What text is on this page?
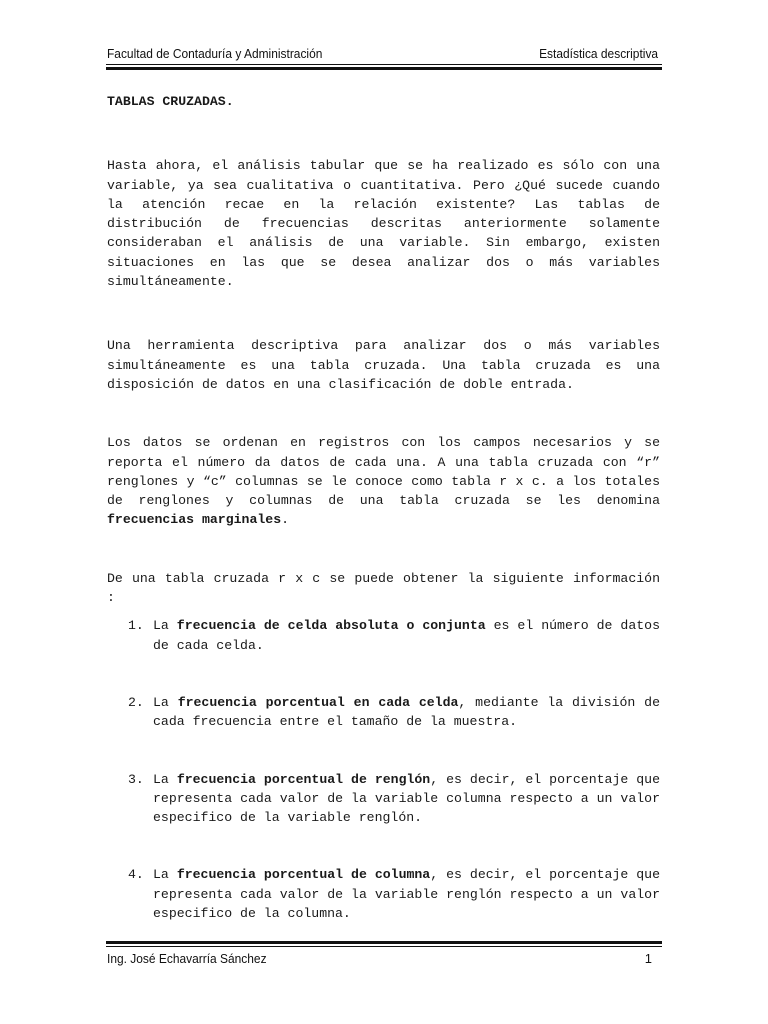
Facultad de Contaduría y Administración	Estadística descriptiva
TABLAS CRUZADAS.

Hasta ahora, el análisis tabular que se ha realizado es sólo con una variable, ya sea cualitativa o cuantitativa. Pero ¿Qué sucede cuando la atención recae en la relación existente? Las tablas de distribución de frecuencias descritas anteriormente solamente consideraban el análisis de una variable. Sin embargo, existen situaciones en las que se desea analizar dos o más variables simultáneamente.

Una herramienta descriptiva para analizar dos o más variables simultáneamente es una tabla cruzada. Una tabla cruzada es una disposición de datos en una clasificación de doble entrada.

Los datos se ordenan en registros con los campos necesarios y se reporta el número da datos de cada una. A una tabla cruzada con “r” renglones y “c” columnas se le conoce como tabla r x c. a los totales de renglones y columnas de una tabla cruzada se les denomina frecuencias marginales.

De una tabla cruzada r x c se puede obtener la siguiente información :

1. La frecuencia de celda absoluta o conjunta es el número de datos de cada celda.
2. La frecuencia porcentual en cada celda, mediante la división de cada frecuencia entre el tamaño de la muestra.
3. La frecuencia porcentual de renglón, es decir, el porcentaje que representa cada valor de la variable columna respecto a un valor especifico de la variable renglón.
4. La frecuencia porcentual de columna, es decir, el porcentaje que representa cada valor de la variable renglón respecto a un valor especifico de la columna.
Ing. José Echavarría Sánchez	1
